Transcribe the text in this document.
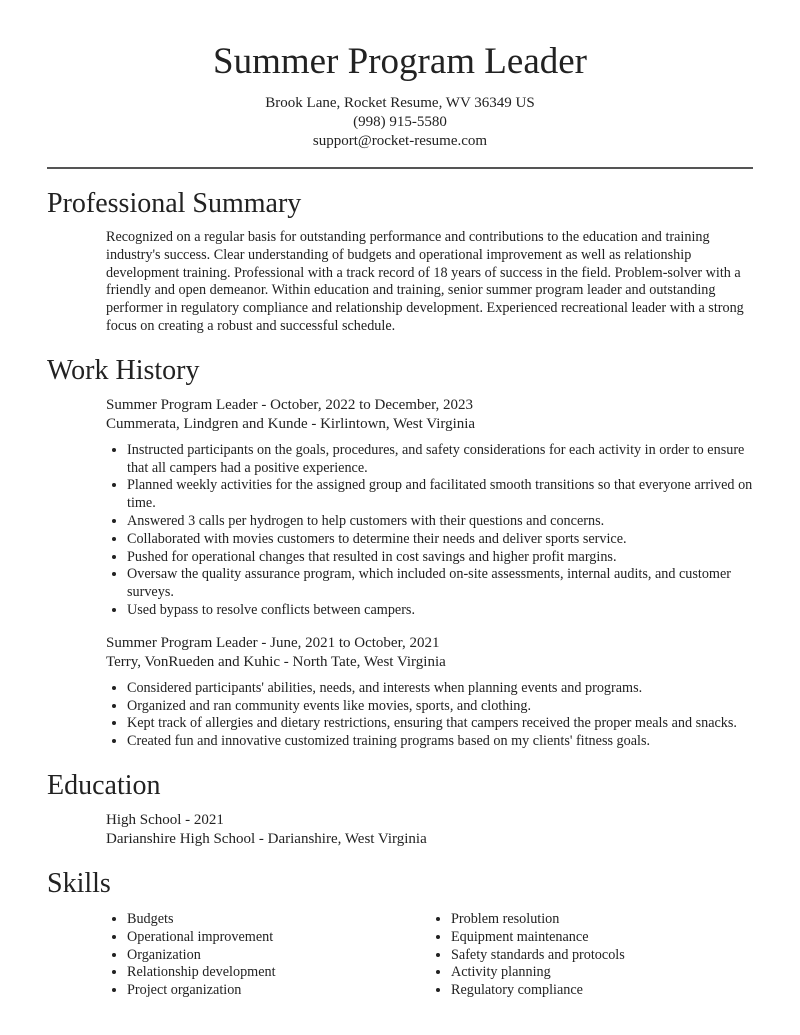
Summer Program Leader
Brook Lane, Rocket Resume, WV 36349 US
(998) 915-5580
support@rocket-resume.com
Professional Summary
Recognized on a regular basis for outstanding performance and contributions to the education and training industry's success. Clear understanding of budgets and operational improvement as well as relationship development training. Professional with a track record of 18 years of success in the field. Problem-solver with a friendly and open demeanor. Within education and training, senior summer program leader and outstanding performer in regulatory compliance and relationship development. Experienced recreational leader with a strong focus on creating a robust and successful schedule.
Work History
Summer Program Leader - October, 2022 to December, 2023
Cummerata, Lindgren and Kunde - Kirlintown, West Virginia
• Instructed participants on the goals, procedures, and safety considerations for each activity in order to ensure that all campers had a positive experience.
• Planned weekly activities for the assigned group and facilitated smooth transitions so that everyone arrived on time.
• Answered 3 calls per hydrogen to help customers with their questions and concerns.
• Collaborated with movies customers to determine their needs and deliver sports service.
• Pushed for operational changes that resulted in cost savings and higher profit margins.
• Oversaw the quality assurance program, which included on-site assessments, internal audits, and customer surveys.
• Used bypass to resolve conflicts between campers.
Summer Program Leader - June, 2021 to October, 2021
Terry, VonRueden and Kuhic - North Tate, West Virginia
• Considered participants' abilities, needs, and interests when planning events and programs.
• Organized and ran community events like movies, sports, and clothing.
• Kept track of allergies and dietary restrictions, ensuring that campers received the proper meals and snacks.
• Created fun and innovative customized training programs based on my clients' fitness goals.
Education
High School - 2021
Darianshire High School - Darianshire, West Virginia
Skills
• Budgets
• Operational improvement
• Organization
• Relationship development
• Project organization
• Problem resolution
• Equipment maintenance
• Safety standards and protocols
• Activity planning
• Regulatory compliance
